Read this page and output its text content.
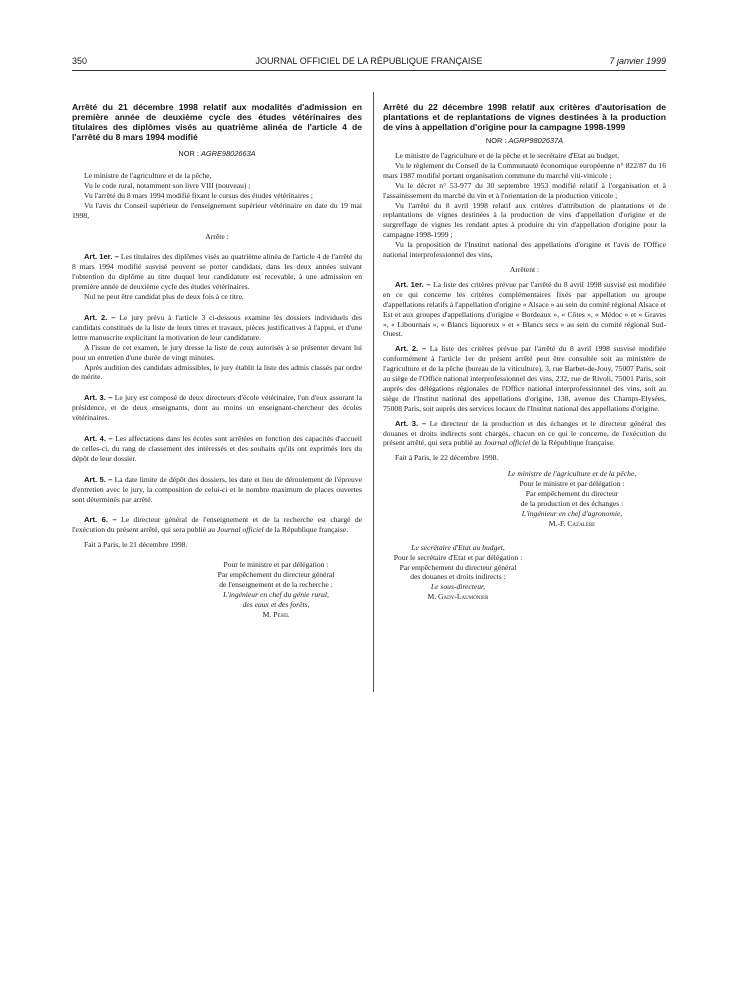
350	JOURNAL OFFICIEL DE LA RÉPUBLIQUE FRANÇAISE	7 janvier 1999

Arrêté du 21 décembre 1998 relatif aux modalités d'admission en première année de deuxième cycle des études vétérinaires des titulaires des diplômes visés au quatrième alinéa de l'article 4 de l'arrêté du 8 mars 1994 modifié

NOR : AGRE9802663A

Le ministre de l'agriculture et de la pêche,

Vu le code rural, notamment son livre VIII (nouveau) ;

Vu l'arrêté du 8 mars 1994 modifié fixant le cursus des études vétérinaires ;

Vu l'avis du Conseil supérieur de l'enseignement supérieur vétérinaire en date du 19 mai 1998,

Arrête :

Art. 1er. – Les titulaires des diplômes visés au quatrième alinéa de l'article 4 de l'arrêté du 8 mars 1994 modifié susvisé peuvent se porter candidats, dans les deux années suivant l'obtention du diplôme au titre duquel leur candidature est recevable, à une admission en première année de deuxième cycle des études vétérinaires.

Nul ne peut être candidat plus de deux fois à ce titre.

Art. 2. – Le jury prévu à l'article 3 ci-dessous examine les dossiers individuels des candidats constitués de la liste de leurs titres et travaux, pièces justificatives à l'appui, et d'une lettre manuscrite explicitant la motivation de leur candidature.

A l'issue de cet examen, le jury dresse la liste de ceux autorisés à se présenter devant lui pour un entretien d'une durée de vingt minutes.

Après audition des candidats admissibles, le jury établit la liste des admis classés par ordre de mérite.

Art. 3. – Le jury est composé de deux directeurs d'école vétérinaire, l'un d'eux assurant la présidence, et de deux enseignants, dont au moins un enseignant-chercheur des écoles vétérinaires.

Art. 4. – Les affectations dans les écoles sont arrêtées en fonction des capacités d'accueil de celles-ci, du rang de classement des intéressés et des souhaits qu'ils ont exprimés lors du dépôt de leur dossier.

Art. 5. – La date limite de dépôt des dossiers, les date et lieu de déroulement de l'épreuve d'entretien avec le jury, la composition de celui-ci et le nombre maximum de places ouvertes sont déterminés par arrêté.

Art. 6. – Le directeur général de l'enseignement et de la recherche est chargé de l'exécution du présent arrêté, qui sera publié au Journal officiel de la République française.

Fait à Paris, le 21 décembre 1998.

Pour le ministre et par délégation :
Par empêchement du directeur général
de l'enseignement et de la recherche :
L'ingénieur en chef du génie rural,
des eaux et des forêts,
M. Pesel

Arrêté du 22 décembre 1998 relatif aux critères d'autorisation de plantations et de replantations de vignes destinées à la production de vins à appellation d'origine pour la campagne 1998-1999

NOR : AGRP9802637A

Le ministre de l'agriculture et de la pêche et le secrétaire d'Etat au budget,

Vu le règlement du Conseil de la Communauté économique européenne n° 822/87 du 16 mars 1987 modifié portant organisation commune du marché viti-vinicole ;

Vu le décret n° 53-977 du 30 septembre 1953 modifié relatif à l'organisation et à l'assainissement du marché du vin et à l'orientation de la production viticole ;

Vu l'arrêté du 8 avril 1998 relatif aux critères d'attribution de plantations et de replantations de vignes destinées à la production de vins d'appellation d'origine et de surgreffage de vignes les rendant aptes à produire du vin d'appellation d'origine pour la campagne 1998-1999 ;

Vu la proposition de l'Institut national des appellations d'origine et l'avis de l'Office national interprofessionnel des vins,

Arrêtent :

Art. 1er. – La liste des critères prévue par l'arrêté du 8 avril 1998 susvisé est modifiée en ce qui concerne les critères complémentaires fixés par appellation ou groupe d'appellations relatifs à l'appellation d'origine « Alsace » au sein du comité régional Alsace et Est et aux groupes d'appellations d'origine « Bordeaux », « Côtes », « Médoc » et « Graves », « Libournais », « Blancs liquoreux » et « Blancs secs » au sein du comité régional Sud-Ouest.

Art. 2. – La liste des critères prévue par l'arrêté du 8 avril 1998 susvisé modifiée conformément à l'article 1er du présent arrêté peut être consultée soit au ministère de l'agriculture et de la pêche (bureau de la viticulture), 3, rue Barbet-de-Jouy, 75007 Paris, soit au siège de l'Office national interprofessionnel des vins, 232, rue de Rivoli, 75001 Paris, soit auprès des délégations régionales de l'Office national interprofessionnel des vins, soit au siège de l'Institut national des appellations d'origine, 138, avenue des Champs-Elysées, 75008 Paris, soit auprès des services locaux de l'Institut national des appellations d'origine.

Art. 3. – Le directeur de la production et des échanges et le directeur général des douanes et droits indirects sont chargés, chacun en ce qui le concerne, de l'exécution du présent arrêté, qui sera publié au Journal officiel de la République française.

Fait à Paris, le 22 décembre 1998.

Le ministre de l'agriculture et de la pêche,
Pour le ministre et par délégation :
Par empêchement du directeur
de la production et des échanges :
L'ingénieur en chef d'agronomie,
M.-F. Cazalère
Le secrétaire d'Etat au budget,
Pour le secrétaire d'Etat et par délégation :
Par empêchement du directeur général
des douanes et droits indirects :
Le sous-directeur,
M. Gady-Laumonier
